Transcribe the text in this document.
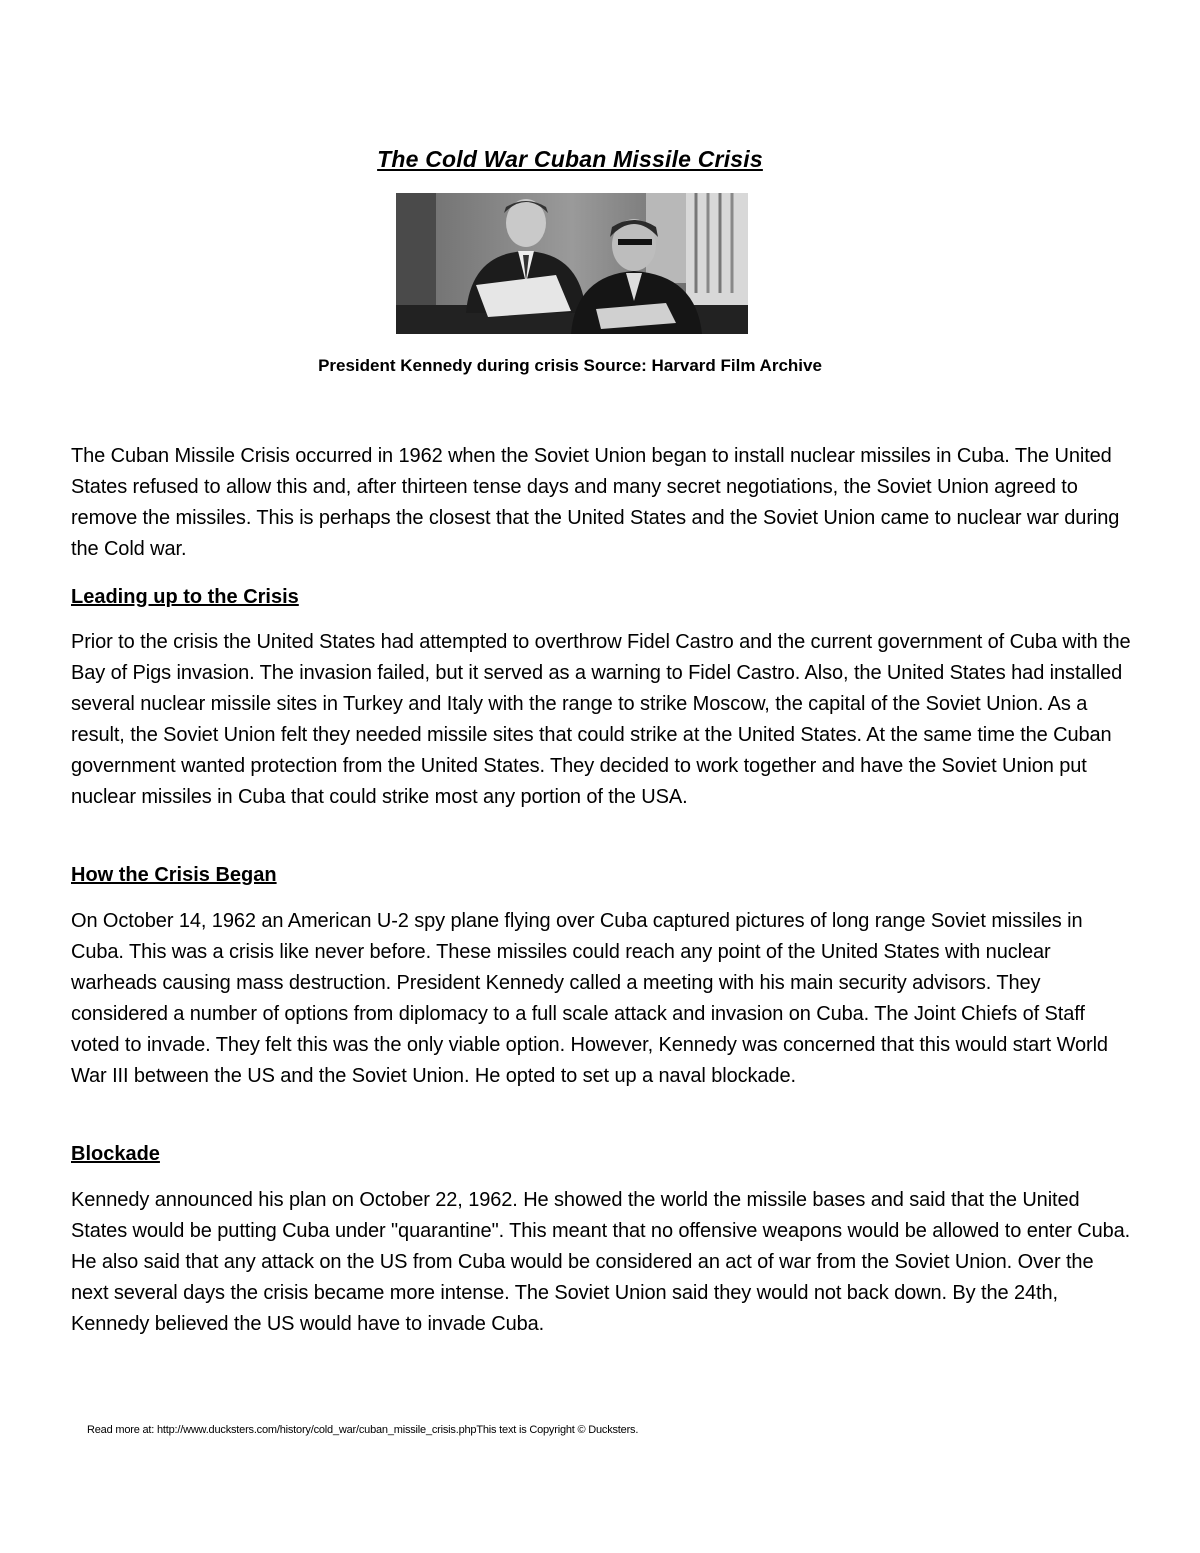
The Cold War Cuban Missile Crisis

President Kennedy during crisis Source: Harvard Film Archive

The Cuban Missile Crisis occurred in 1962 when the Soviet Union began to install nuclear missiles in Cuba. The United States refused to allow this and, after thirteen tense days and many secret negotiations, the Soviet Union agreed to remove the missiles. This is perhaps the closest that the United States and the Soviet Union came to nuclear war during the Cold war.

Leading up to the Crisis

Prior to the crisis the United States had attempted to overthrow Fidel Castro and the current government of Cuba with the Bay of Pigs invasion. The invasion failed, but it served as a warning to Fidel Castro. Also, the United States had installed several nuclear missile sites in Turkey and Italy with the range to strike Moscow, the capital of the Soviet Union. As a result, the Soviet Union felt they needed missile sites that could strike at the United States. At the same time the Cuban government wanted protection from the United States. They decided to work together and have the Soviet Union put nuclear missiles in Cuba that could strike most any portion of the USA.

How the Crisis Began

On October 14, 1962 an American U-2 spy plane flying over Cuba captured pictures of long range Soviet missiles in Cuba. This was a crisis like never before. These missiles could reach any point of the United States with nuclear warheads causing mass destruction. President Kennedy called a meeting with his main security advisors. They considered a number of options from diplomacy to a full scale attack and invasion on Cuba. The Joint Chiefs of Staff voted to invade. They felt this was the only viable option. However, Kennedy was concerned that this would start World War III between the US and the Soviet Union. He opted to set up a naval blockade.

Blockade

Kennedy announced his plan on October 22, 1962. He showed the world the missile bases and said that the United States would be putting Cuba under "quarantine". This meant that no offensive weapons would be allowed to enter Cuba. He also said that any attack on the US from Cuba would be considered an act of war from the Soviet Union. Over the next several days the crisis became more intense. The Soviet Union said they would not back down. By the 24th, Kennedy believed the US would have to invade Cuba.

Read more at: http://www.ducksters.com/history/cold_war/cuban_missile_crisis.phpThis text is Copyright © Ducksters.
